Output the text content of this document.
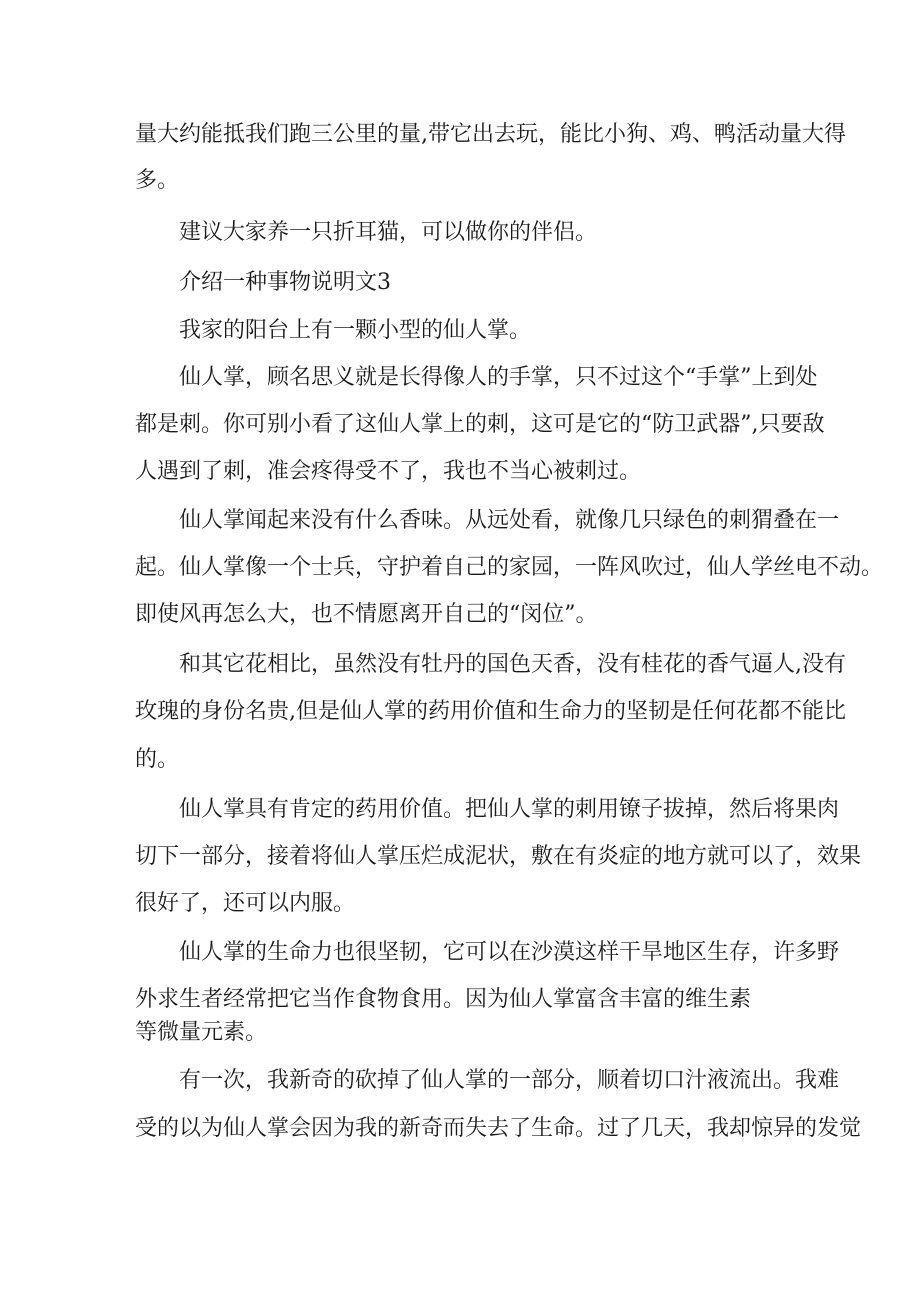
量大约能抵我们跑三公里的量,带它出去玩，能比小狗、鸡、鸭活动量大得
多。
建议大家养一只折耳猫，可以做你的伴侣。
介绍一种事物说明文3
我家的阳台上有一颗小型的仙人掌。
仙人掌，顾名思义就是长得像人的手掌，只不过这个“手掌”上到处
都是刺。你可别小看了这仙人掌上的刺，这可是它的“防卫武器”,只要敌
人遇到了刺，准会疼得受不了，我也不当心被刺过。
仙人掌闻起来没有什么香味。从远处看，就像几只绿色的刺猬叠在一
起。仙人掌像一个士兵，守护着自己的家园，一阵风吹过，仙人学丝电不动。
即使风再怎么大，也不情愿离开自己的“闵位”。
和其它花相比，虽然没有牡丹的国色天香，没有桂花的香气逼人,没有
玫瑰的身份名贵,但是仙人掌的药用价值和生命力的坚韧是任何花都不能比
的。
仙人掌具有肯定的药用价值。把仙人掌的刺用镣子拔掉，然后将果肉
切下一部分，接着将仙人掌压烂成泥状，敷在有炎症的地方就可以了，效果
很好了，还可以内服。
仙人掌的生命力也很坚韧，它可以在沙漠这样干旱地区生存，许多野
外求生者经常把它当作食物食用。因为仙人掌富含丰富的维生素
等微量元素。
有一次，我新奇的砍掉了仙人掌的一部分，顺着切口汁液流出。我难
受的以为仙人掌会因为我的新奇而失去了生命。过了几天，我却惊异的发觉
